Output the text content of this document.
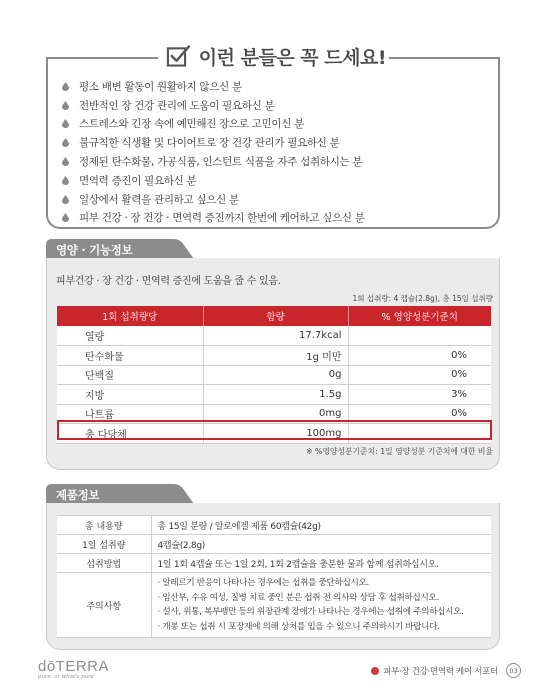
이런 분들은 꼭 드세요!
평소 배변 활동이 원활하지 않으신 분
전반적인 장 건강 관리에 도움이 필요하신 분
스트레스와 긴장 속에 예민해진 장으로 고민이신 분
불규칙한 식생활 및 다이어트로 장 건강 관리가 필요하신 분
정제된 탄수화물, 가공식품, 인스턴트 식품을 자주 섭취하시는 분
면역력 증진이 필요하신 분
일상에서 활력을 관리하고 싶으신 분
피부 건강 · 장 건강 · 면역력 증진까지 한번에 케어하고 싶으신 분
영양 · 기능정보
피부건강 · 장 건강 · 면역력 증진에 도움을 줄 수 있음.
1회 섭취량: 4 캡슐(2.8g), 총 15일 섭취량
1회 섭취량당	함량	% 영양성분기준치
열량	17.7kcal	
탄수화물	1g 미만	0%
단백질	0g	0%
지방	1.5g	3%
나트륨	0mg	0%
총 다당체	100mg	
※ %영양성분기준치: 1일 영양성분 기준치에 대한 비율
제품정보
총 내용량	총 15일 분량 / 알로에겔 제품 60캡슐(42g)
1일 섭취량	4캡슐(2.8g)
섭취방법	1일 1회 4캡슐 또는 1일 2회, 1회 2캡슐을 충분한 물과 함께 섭취하십시오.
주의사항	· 알레르기 반응이 나타나는 경우에는 섭취를 중단하십시오.
· 임산부, 수유 여성, 질병 치료 중인 분은 섭취 전 의사와 상담 후 섭취하십시오.
· 설사, 위통, 복부팽만 등의 위장관계 장애가 나타나는 경우에는 섭취에 주의하십시오.
· 개봉 또는 섭취 시 포장재에 의해 상처를 입을 수 있으니 주의하시기 바랍니다.
dōTERRA
pure, ur what's pure
피부·장 건강·면역력 케어 서포터	03
